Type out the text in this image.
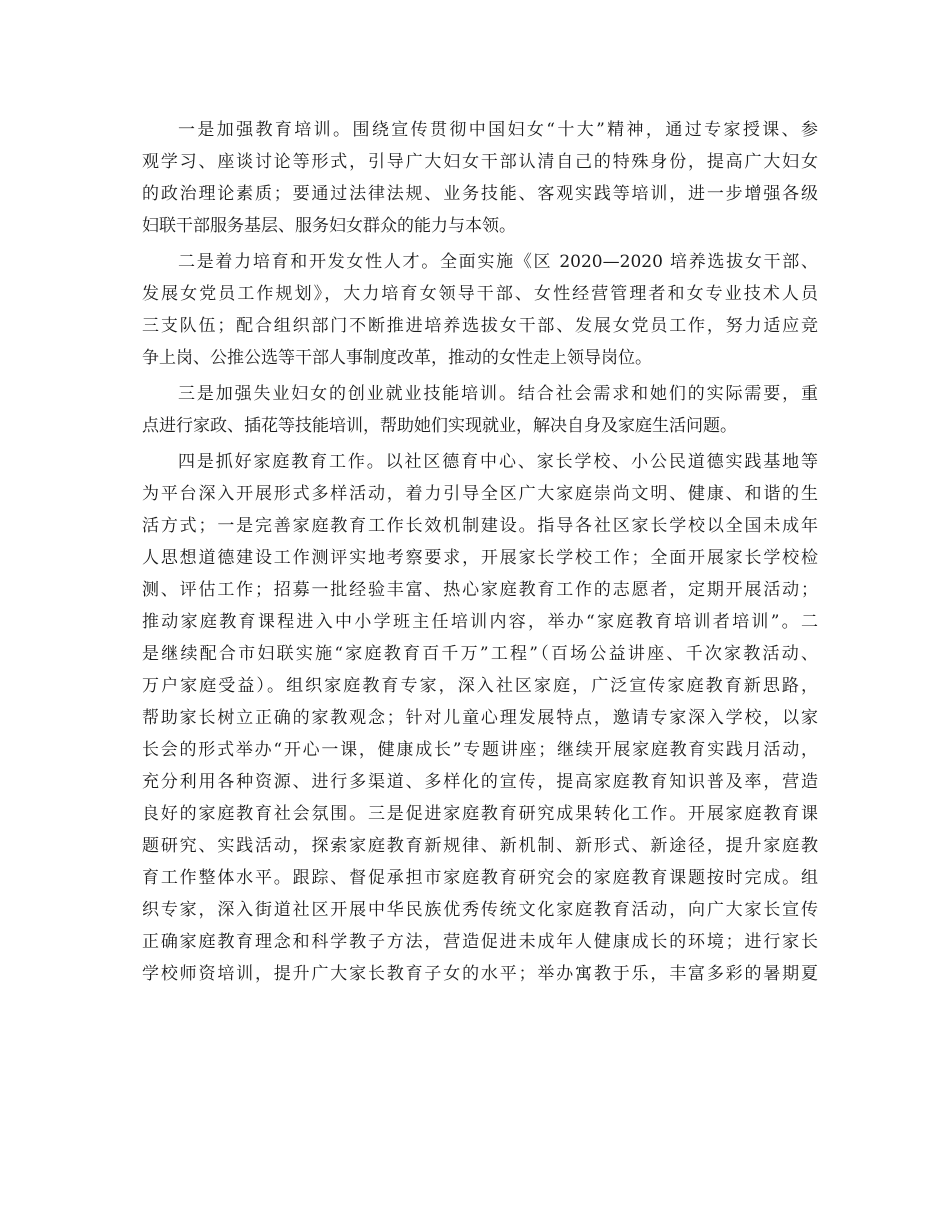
一是加强教育培训。围绕宣传贯彻中国妇女“十大”精神，通过专家授课、参
观学习、座谈讨论等形式，引导广大妇女干部认清自己的特殊身份，提高广大妇女
的政治理论素质；要通过法律法规、业务技能、客观实践等培训，进一步增强各级
妇联干部服务基层、服务妇女群众的能力与本领。
二是着力培育和开发女性人才。全面实施《区 2020—2020 培养选拔女干部、
发展女党员工作规划》，大力培育女领导干部、女性经营管理者和女专业技术人员
三支队伍；配合组织部门不断推进培养选拔女干部、发展女党员工作，努力适应竞
争上岗、公推公选等干部人事制度改革，推动的女性走上领导岗位。
三是加强失业妇女的创业就业技能培训。结合社会需求和她们的实际需要，重
点进行家政、插花等技能培训，帮助她们实现就业，解决自身及家庭生活问题。
四是抓好家庭教育工作。以社区德育中心、家长学校、小公民道德实践基地等
为平台深入开展形式多样活动，着力引导全区广大家庭崇尚文明、健康、和谐的生
活方式；一是完善家庭教育工作长效机制建设。指导各社区家长学校以全国未成年
人思想道德建设工作测评实地考察要求，开展家长学校工作；全面开展家长学校检
测、评估工作；招募一批经验丰富、热心家庭教育工作的志愿者，定期开展活动；
推动家庭教育课程进入中小学班主任培训内容，举办“家庭教育培训者培训”。二
是继续配合市妇联实施“家庭教育百千万”工程”（百场公益讲座、千次家教活动、
万户家庭受益）。组织家庭教育专家，深入社区家庭，广泛宣传家庭教育新思路，
帮助家长树立正确的家教观念；针对儿童心理发展特点，邀请专家深入学校，以家
长会的形式举办“开心一课，健康成长”专题讲座；继续开展家庭教育实践月活动，
充分利用各种资源、进行多渠道、多样化的宣传，提高家庭教育知识普及率，营造
良好的家庭教育社会氛围。三是促进家庭教育研究成果转化工作。开展家庭教育课
题研究、实践活动，探索家庭教育新规律、新机制、新形式、新途径，提升家庭教
育工作整体水平。跟踪、督促承担市家庭教育研究会的家庭教育课题按时完成。组
织专家，深入街道社区开展中华民族优秀传统文化家庭教育活动，向广大家长宣传
正确家庭教育理念和科学教子方法，营造促进未成年人健康成长的环境；进行家长
学校师资培训，提升广大家长教育子女的水平；举办寓教于乐，丰富多彩的暑期夏
